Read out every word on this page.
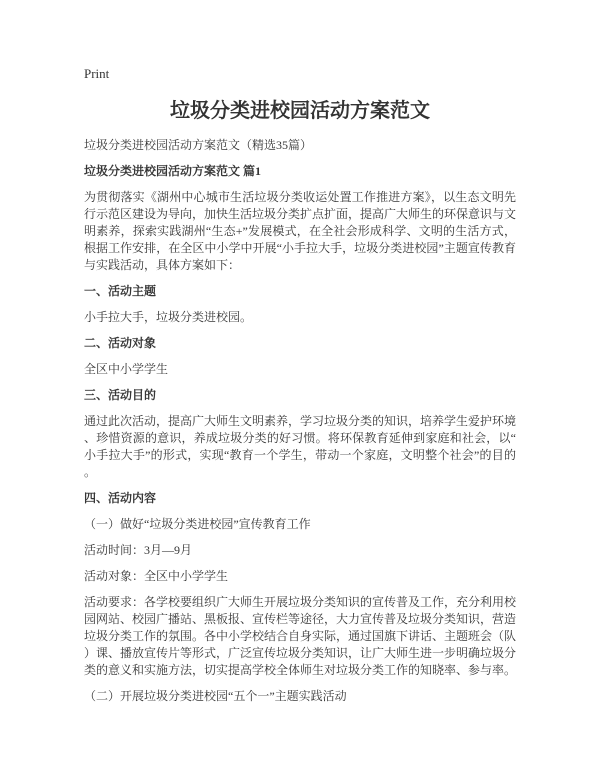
Print
垃圾分类进校园活动方案范文

垃圾分类进校园活动方案范文（精选35篇）

垃圾分类进校园活动方案范文 篇1

为贯彻落实《湖州中心城市生活垃圾分类收运处置工作推进方案》，以生态文明先行示范区建设为导向，加快生活垃圾分类扩点扩面，提高广大师生的环保意识与文明素养，探索实践湖州“生态+”发展模式，在全社会形成科学、文明的生活方式，根据工作安排，在全区中小学中开展“小手拉大手，垃圾分类进校园”主题宣传教育与实践活动，具体方案如下：

一、活动主题

小手拉大手，垃圾分类进校园。

二、活动对象

全区中小学学生

三、活动目的

通过此次活动，提高广大师生文明素养，学习垃圾分类的知识，培养学生爱护环境、珍惜资源的意识，养成垃圾分类的好习惯。将环保教育延伸到家庭和社会，以“小手拉大手”的形式，实现“教育一个学生，带动一个家庭，文明整个社会”的目的。

四、活动内容

（一）做好“垃圾分类进校园”宣传教育工作

活动时间：3月—9月

活动对象：全区中小学学生

活动要求：各学校要组织广大师生开展垃圾分类知识的宣传普及工作，充分利用校园网站、校园广播站、黑板报、宣传栏等途径，大力宣传普及垃圾分类知识，营造垃圾分类工作的氛围。各中小学校结合自身实际，通过国旗下讲话、主题班会（队）课、播放宣传片等形式，广泛宣传垃圾分类知识，让广大师生进一步明确垃圾分类的意义和实施方法，切实提高学校全体师生对垃圾分类工作的知晓率、参与率。

（二）开展垃圾分类进校园“五个一”主题实践活动
